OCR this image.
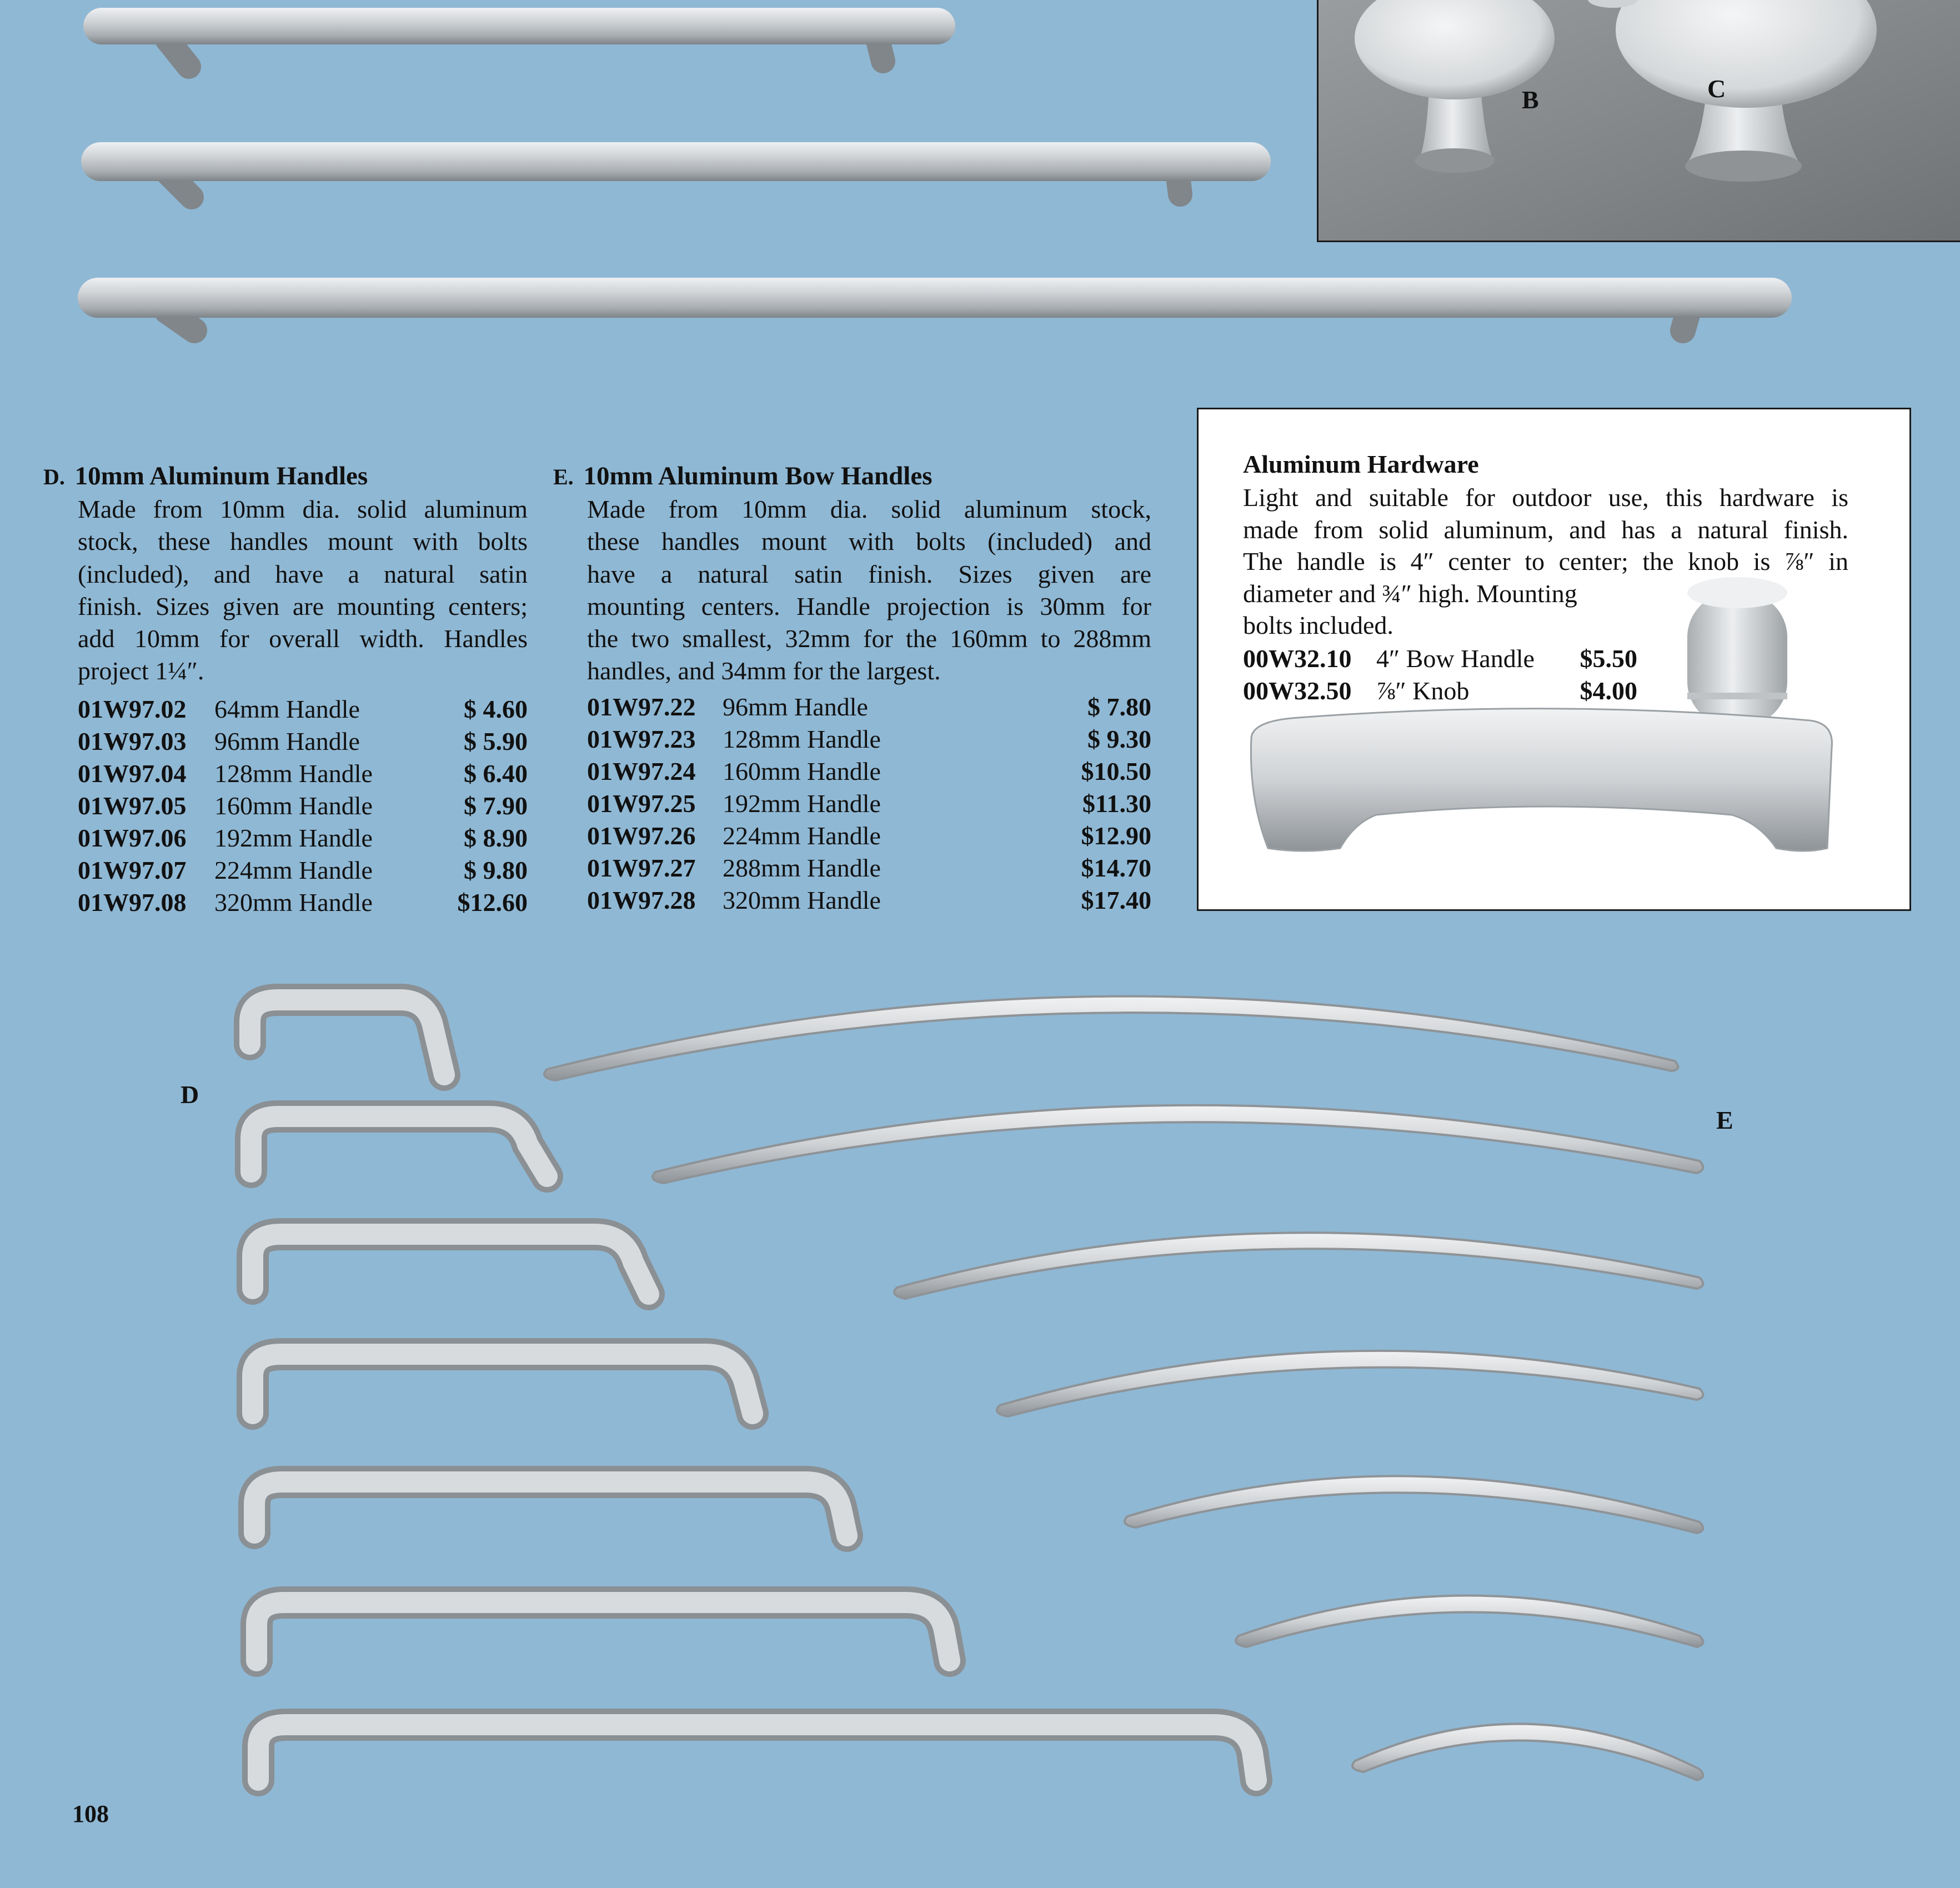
B	C
D. 10mm Aluminum Handles
Made from 10mm dia. solid aluminum
stock, these handles mount with bolts
(included), and have a natural satin
finish. Sizes given are mounting centers;
add 10mm for overall width. Handles
project 1¼″.
01W97.02 64mm Handle	$ 4.60
01W97.03 96mm Handle	$ 5.90
01W97.04 128mm Handle	$ 6.40
01W97.05 160mm Handle	$ 7.90
01W97.06 192mm Handle	$ 8.90
01W97.07 224mm Handle	$ 9.80
01W97.08 320mm Handle	$12.60
E. 10mm Aluminum Bow Handles
Made from 10mm dia. solid aluminum stock,
these handles mount with bolts (included) and
have a natural satin finish. Sizes given are
mounting centers. Handle projection is 30mm for
the two smallest, 32mm for the 160mm to 288mm
handles, and 34mm for the largest.
01W97.22 96mm Handle	$ 7.80
01W97.23 128mm Handle	$ 9.30
01W97.24 160mm Handle	$10.50
01W97.25 192mm Handle	$11.30
01W97.26 224mm Handle	$12.90
01W97.27 288mm Handle	$14.70
01W97.28 320mm Handle	$17.40
Aluminum Hardware
Light and suitable for outdoor use, this hardware is
made from solid aluminum, and has a natural finish.
The handle is 4″ center to center; the knob is ⅞″ in
diameter and ¾″ high. Mounting
bolts included.
00W32.10 4″ Bow Handle $5.50
00W32.50 ⅞″ Knob	$4.00
D
E
108
